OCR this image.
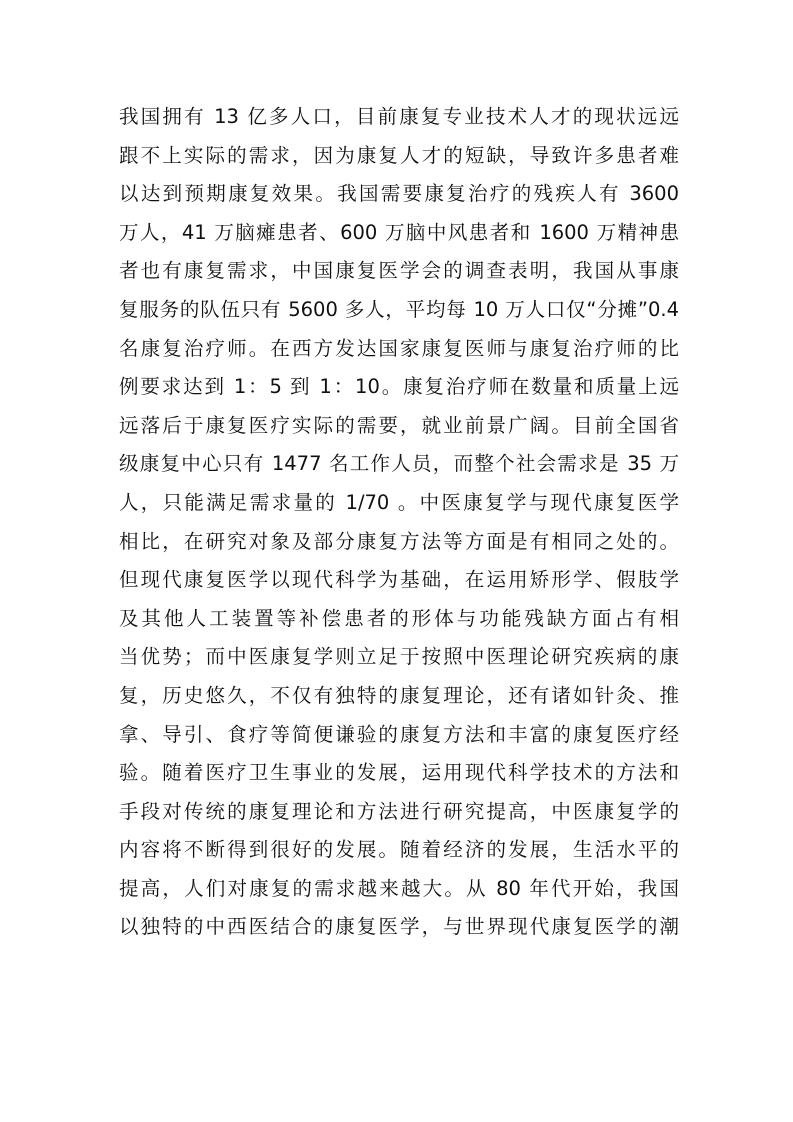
我国拥有 13 亿多人口，目前康复专业技术人才的现状远远
跟不上实际的需求，因为康复人才的短缺，导致许多患者难
以达到预期康复效果。我国需要康复治疗的残疾人有 3600
万人，41 万脑瘫患者、600 万脑中风患者和 1600 万精神患
者也有康复需求，中国康复医学会的调查表明，我国从事康
复服务的队伍只有 5600 多人，平均每 10 万人口仅“分摊”0.4
名康复治疗师。在西方发达国家康复医师与康复治疗师的比
例要求达到 1：5 到 1：10。康复治疗师在数量和质量上远
远落后于康复医疗实际的需要，就业前景广阔。目前全国省
级康复中心只有 1477 名工作人员，而整个社会需求是 35 万
人，只能满足需求量的 1/70 。中医康复学与现代康复医学
相比，在研究对象及部分康复方法等方面是有相同之处的。
但现代康复医学以现代科学为基础，在运用矫形学、假肢学
及其他人工装置等补偿患者的形体与功能残缺方面占有相
当优势；而中医康复学则立足于按照中医理论研究疾病的康
复，历史悠久，不仅有独特的康复理论，还有诸如针灸、推
拿、导引、食疗等简便谦验的康复方法和丰富的康复医疗经
验。随着医疗卫生事业的发展，运用现代科学技术的方法和
手段对传统的康复理论和方法进行研究提高，中医康复学的
内容将不断得到很好的发展。随着经济的发展，生活水平的
提高，人们对康复的需求越来越大。从 80 年代开始，我国
以独特的中西医结合的康复医学，与世界现代康复医学的潮
